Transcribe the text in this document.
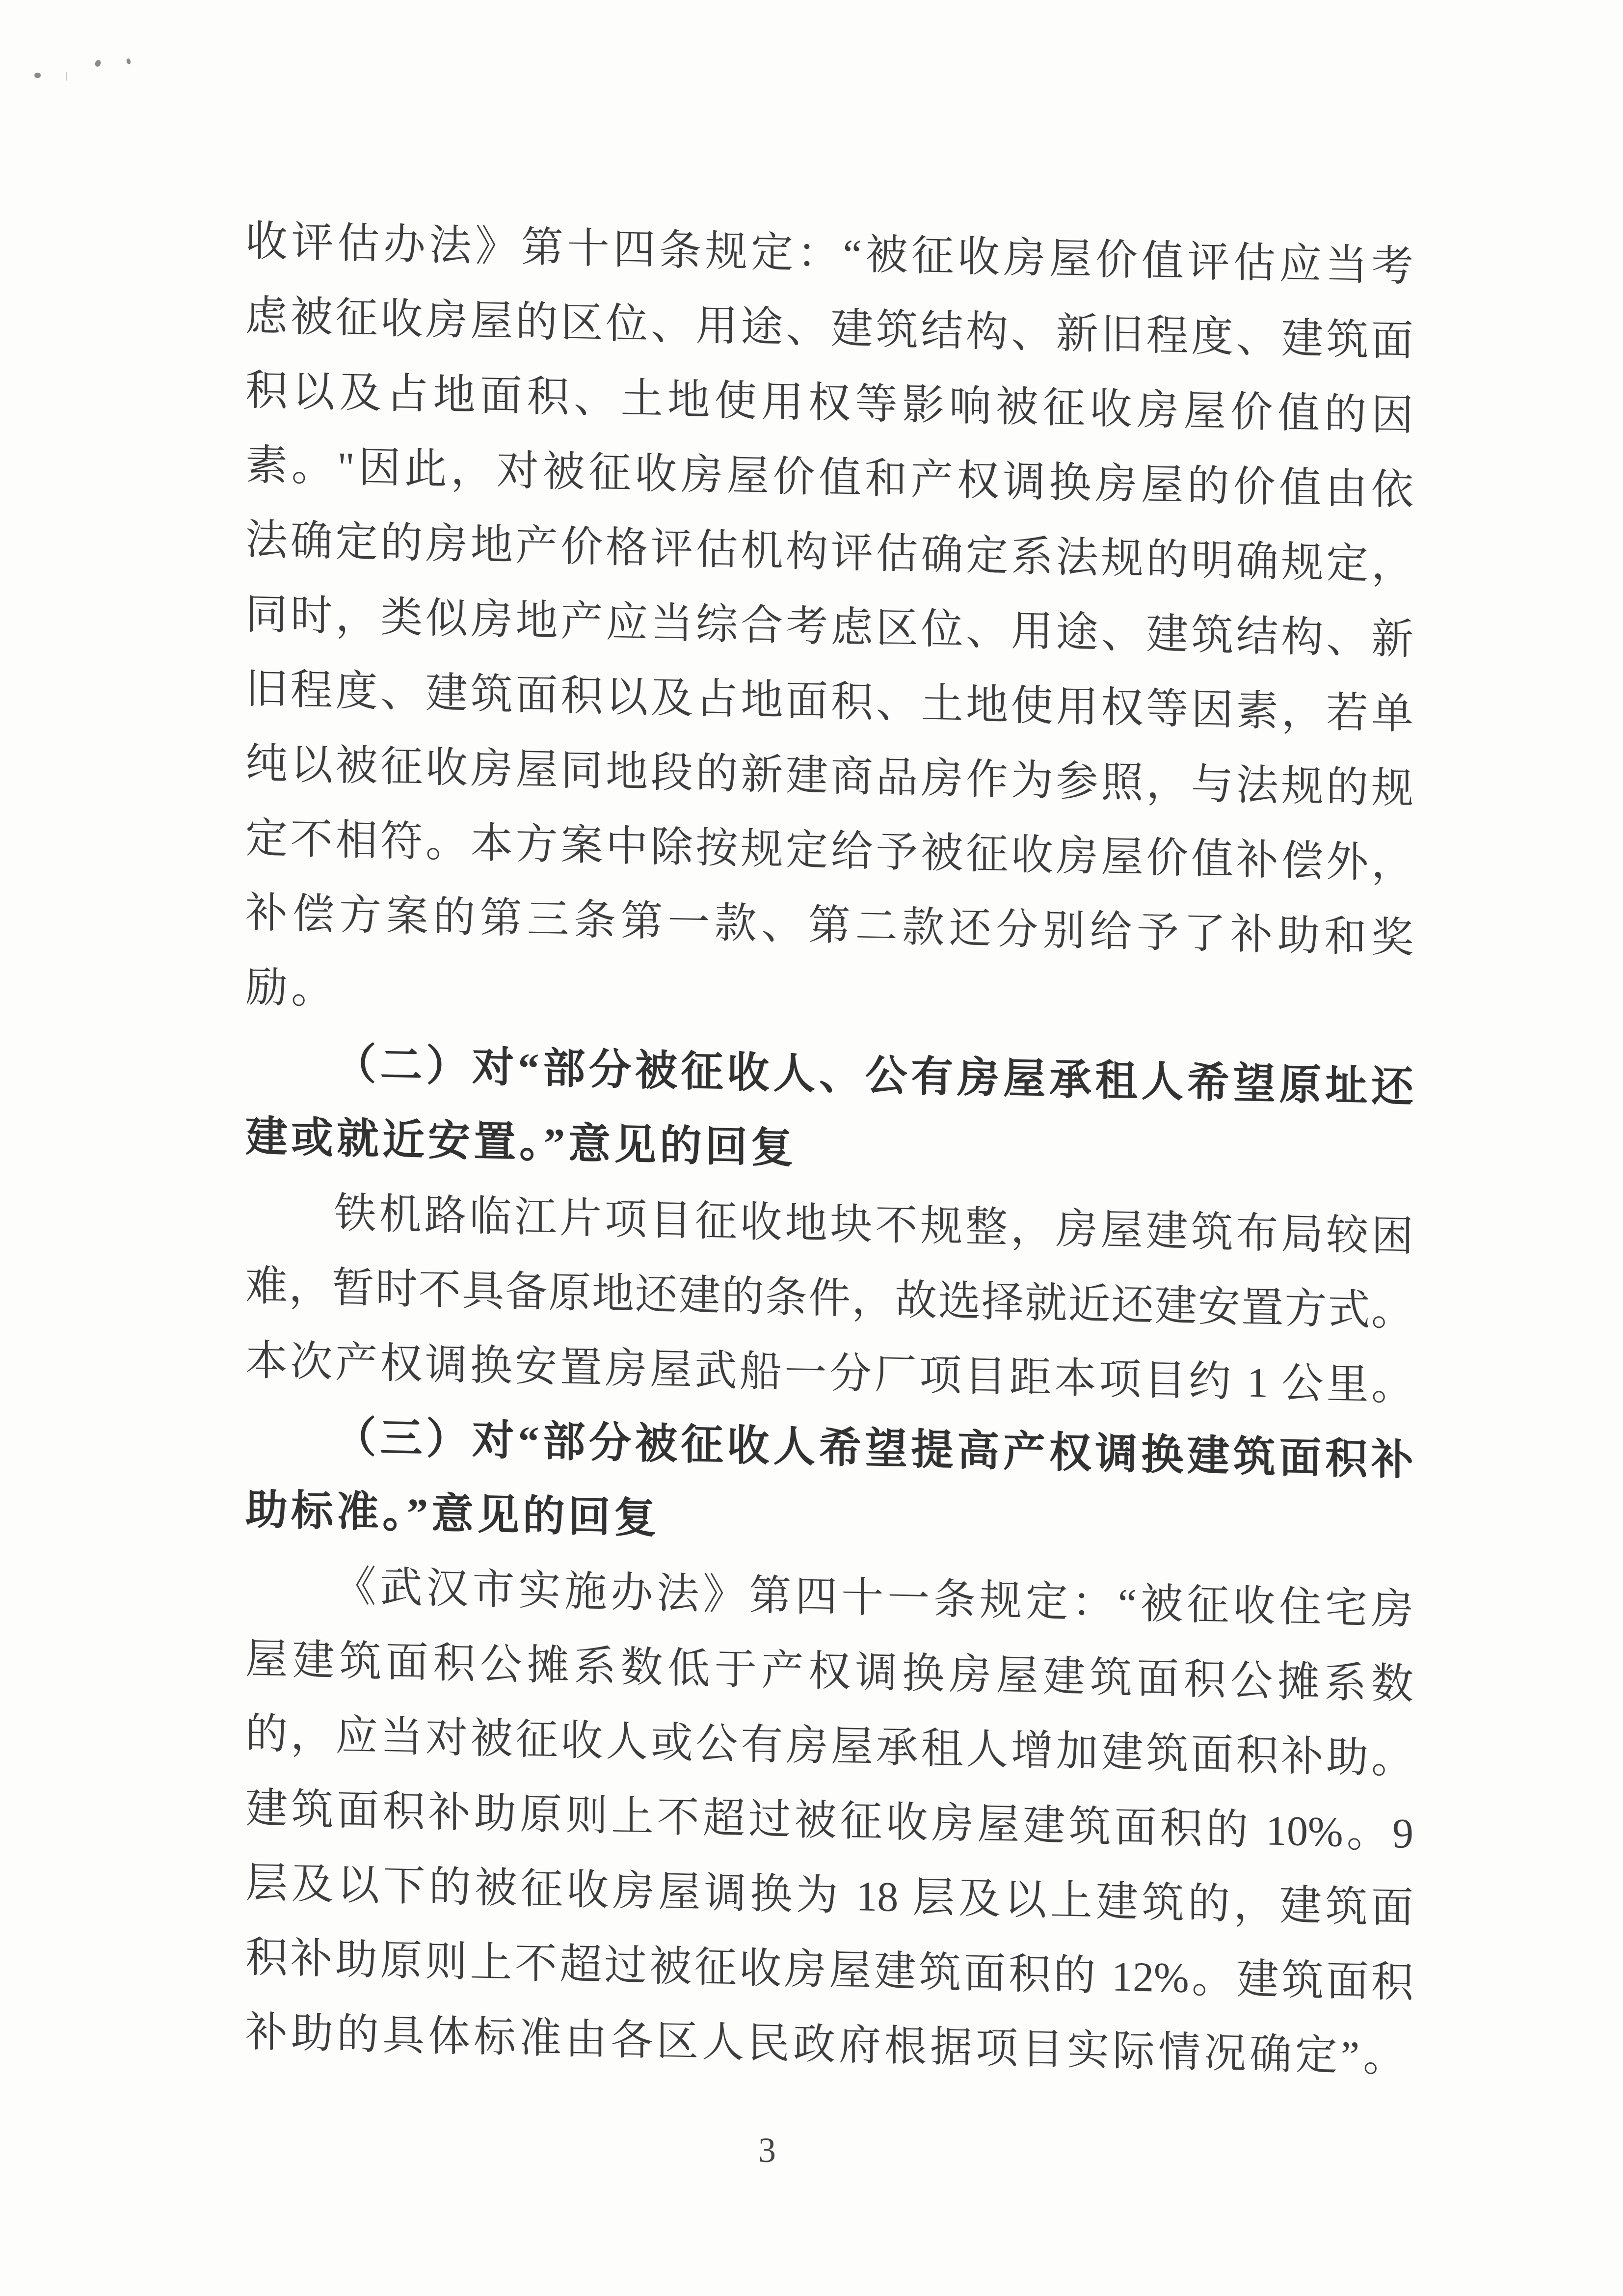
收评估办法》第十四条规定：“被征收房屋价值评估应当考
虑被征收房屋的区位、用途、建筑结构、新旧程度、建筑面
积以及占地面积、土地使用权等影响被征收房屋价值的因
素。"因此，对被征收房屋价值和产权调换房屋的价值由依
法确定的房地产价格评估机构评估确定系法规的明确规定，
同时，类似房地产应当综合考虑区位、用途、建筑结构、新
旧程度、建筑面积以及占地面积、土地使用权等因素，若单
纯以被征收房屋同地段的新建商品房作为参照，与法规的规
定不相符。本方案中除按规定给予被征收房屋价值补偿外，
补偿方案的第三条第一款、第二款还分别给予了补助和奖
励。
（二）对“部分被征收人、公有房屋承租人希望原址还
建或就近安置。”意见的回复
铁机路临江片项目征收地块不规整，房屋建筑布局较困
难，暂时不具备原地还建的条件，故选择就近还建安置方式。
本次产权调换安置房屋武船一分厂项目距本项目约 1 公里。
（三）对“部分被征收人希望提高产权调换建筑面积补
助标准。”意见的回复
《武汉市实施办法》第四十一条规定：“被征收住宅房
屋建筑面积公摊系数低于产权调换房屋建筑面积公摊系数
的，应当对被征收人或公有房屋承租人增加建筑面积补助。
建筑面积补助原则上不超过被征收房屋建筑面积的 10%。9
层及以下的被征收房屋调换为 18 层及以上建筑的，建筑面
积补助原则上不超过被征收房屋建筑面积的 12%。建筑面积
补助的具体标准由各区人民政府根据项目实际情况确定”。
3
